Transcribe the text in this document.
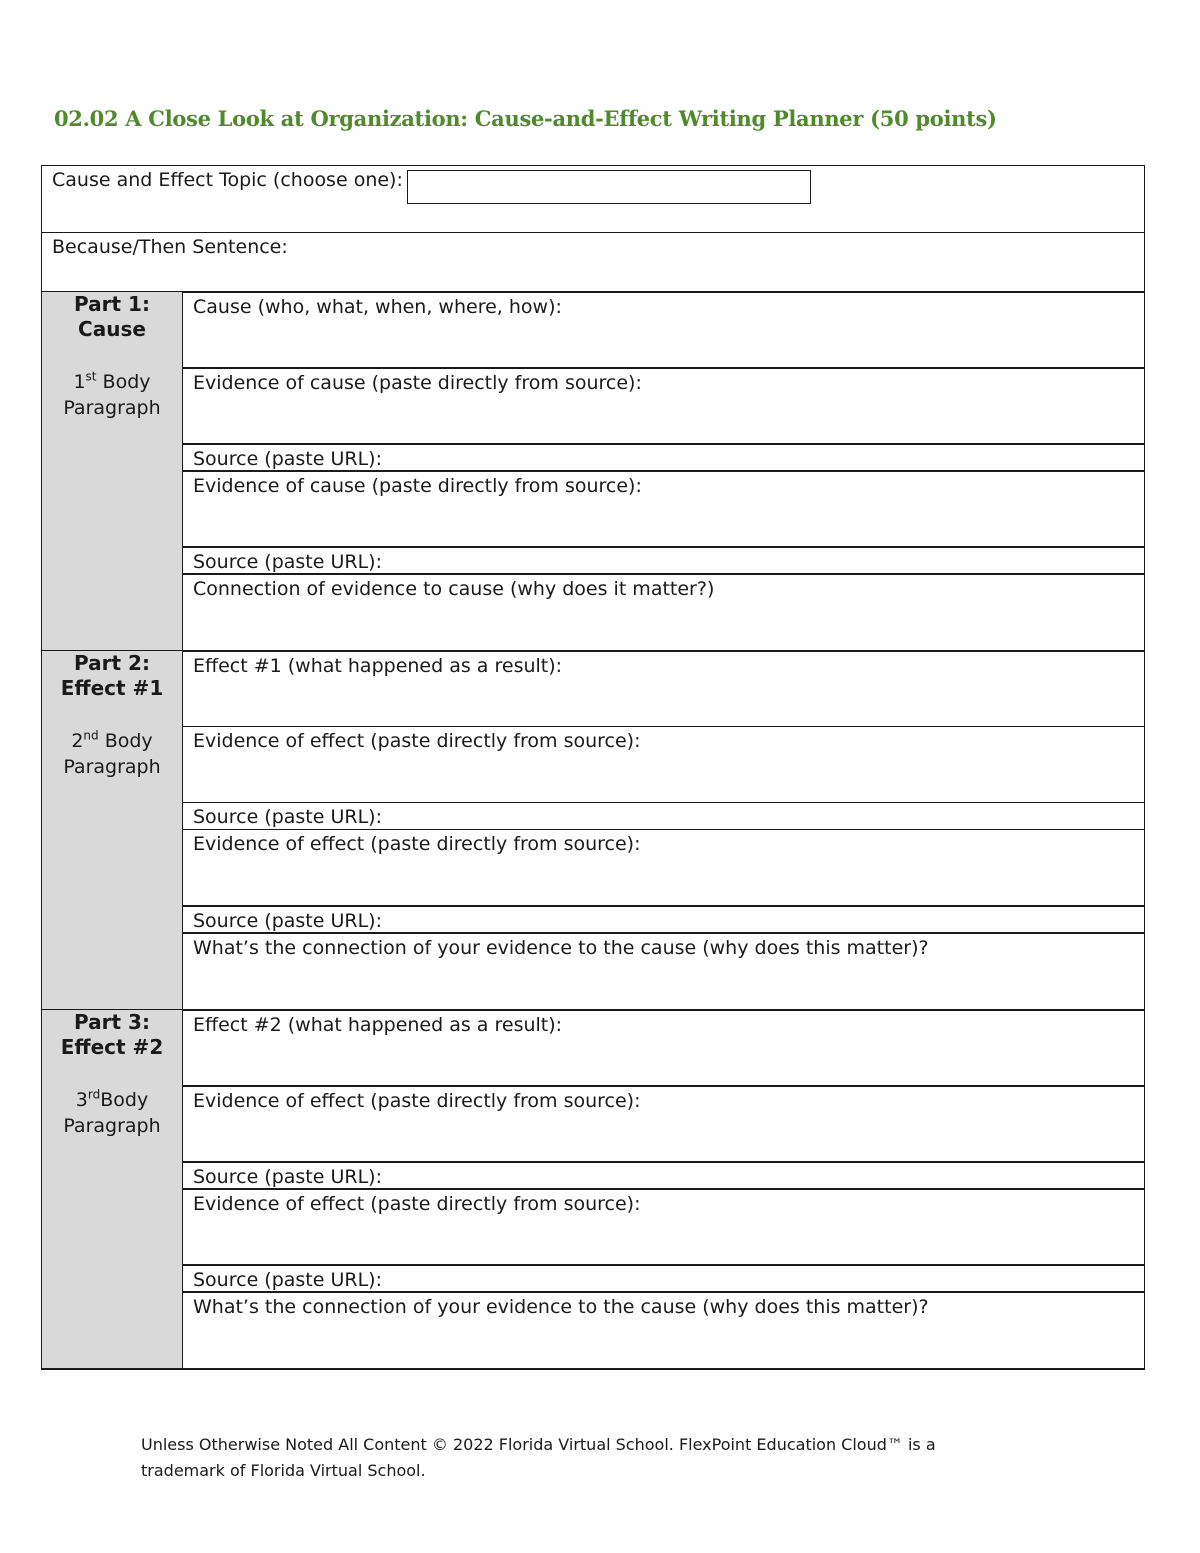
02.02 A Close Look at Organization: Cause-and-Effect Writing Planner (50 points)
Cause and Effect Topic (choose one):	
Because/Then Sentence:	

Part 1:
Cause
1st Body
Paragraph	Cause (who, what, when, where, how):
	Evidence of cause (paste directly from source):
	Source (paste URL):
	Evidence of cause (paste directly from source):
	Source (paste URL):
	Connection of evidence to cause (why does it matter?)

Part 2:
Effect #1
2nd Body
Paragraph	Effect #1 (what happened as a result):
	Evidence of effect (paste directly from source):
	Source (paste URL):
	Evidence of effect (paste directly from source):
	Source (paste URL):
	What’s the connection of your evidence to the cause (why does this matter)?

Part 3:
Effect #2
3rdBody
Paragraph	Effect #2 (what happened as a result):
	Evidence of effect (paste directly from source):
	Source (paste URL):
	Evidence of effect (paste directly from source):
	Source (paste URL):
	What’s the connection of your evidence to the cause (why does this matter)?
Unless Otherwise Noted All Content © 2022 Florida Virtual School. FlexPoint Education Cloud™ is a
trademark of Florida Virtual School.
